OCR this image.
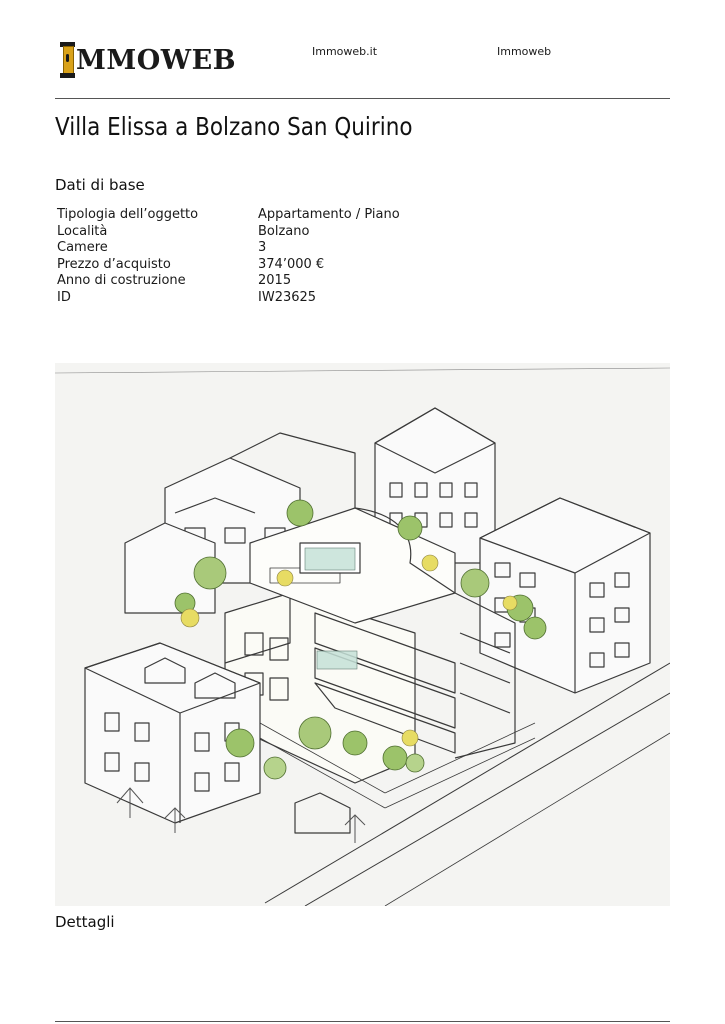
MMOWEB	Immoweb.it	Immoweb
Villa Elissa a Bolzano San Quirino
Dati di base
Tipologia dell’oggetto	Appartamento / Piano
Località	Bolzano
Camere	3
Prezzo d’acquisto	374’000 €
Anno di costruzione	2015
ID	IW23625
Dettagli
